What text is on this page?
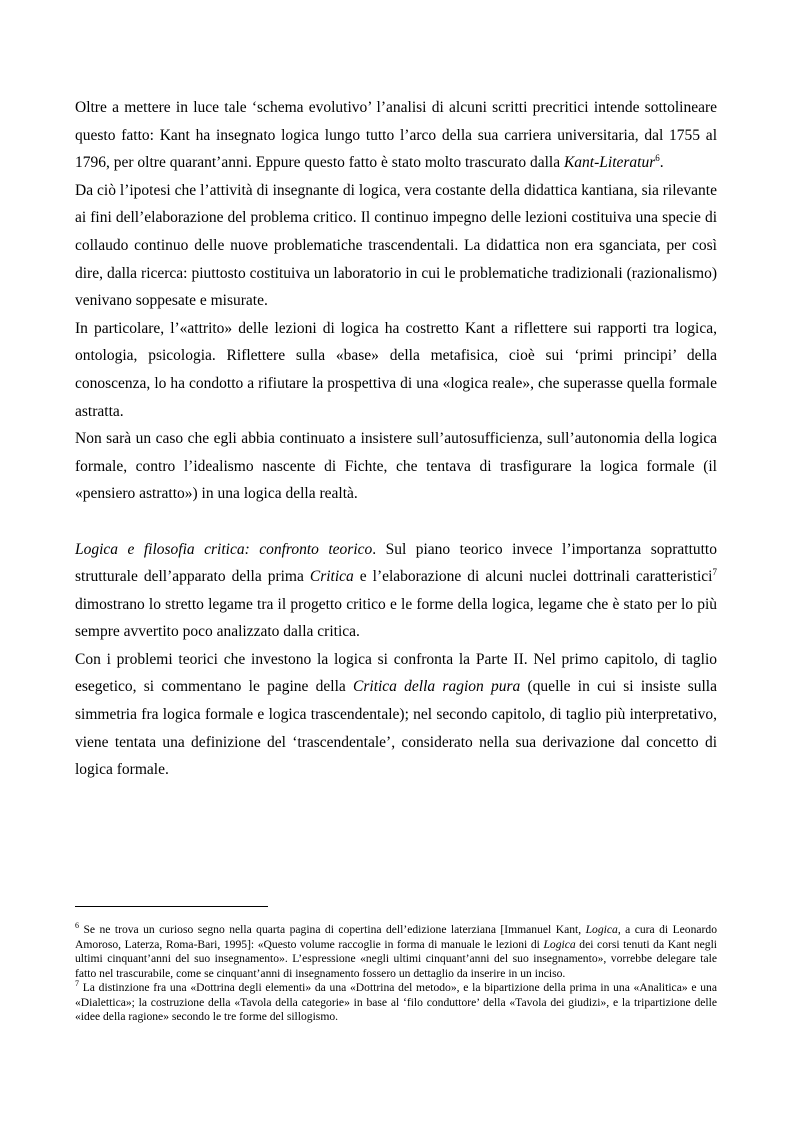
Oltre a mettere in luce tale ‘schema evolutivo’ l’analisi di alcuni scritti precritici intende sottolineare questo fatto: Kant ha insegnato logica lungo tutto l’arco della sua carriera universitaria, dal 1755 al 1796, per oltre quarant’anni. Eppure questo fatto è stato molto trascurato dalla Kant-Literatur$^6$.

Da ciò l’ipotesi che l’attività di insegnante di logica, vera costante della didattica kantiana, sia rilevante ai fini dell’elaborazione del problema critico. Il continuo impegno delle lezioni costituiva una specie di collaudo continuo delle nuove problematiche trascendentali. La didattica non era sganciata, per così dire, dalla ricerca: piuttosto costituiva un laboratorio in cui le problematiche tradizionali (razionalismo) venivano soppesate e misurate.

In particolare, l’«attrito» delle lezioni di logica ha costretto Kant a riflettere sui rapporti tra logica, ontologia, psicologia. Riflettere sulla «base» della metafisica, cioè sui ‘primi principi’ della conoscenza, lo ha condotto a rifiutare la prospettiva di una «logica reale», che superasse quella formale astratta.

Non sarà un caso che egli abbia continuato a insistere sull’autosufficienza, sull’autonomia della logica formale, contro l’idealismo nascente di Fichte, che tentava di trasfigurare la logica formale (il «pensiero astratto») in una logica della realtà.

Logica e filosofia critica: confronto teorico. Sul piano teorico invece l’importanza soprattutto strutturale dell’apparato della prima Critica e l’elaborazione di alcuni nuclei dottrinali caratteristici$^7$ dimostrano lo stretto legame tra il progetto critico e le forme della logica, legame che è stato per lo più sempre avvertito poco analizzato dalla critica.

Con i problemi teorici che investono la logica si confronta la Parte II. Nel primo capitolo, di taglio esegetico, si commentano le pagine della Critica della ragion pura (quelle in cui si insiste sulla simmetria fra logica formale e logica trascendentale); nel secondo capitolo, di taglio più interpretativo, viene tentata una definizione del ‘trascendentale’, considerato nella sua derivazione dal concetto di logica formale.

$^6$ Se ne trova un curioso segno nella quarta pagina di copertina dell’edizione laterziana [Immanuel Kant, Logica, a cura di Leonardo Amoroso, Laterza, Roma-Bari, 1995]: «Questo volume raccoglie in forma di manuale le lezioni di Logica dei corsi tenuti da Kant negli ultimi cinquant’anni del suo insegnamento». L’espressione «negli ultimi cinquant’anni del suo insegnamento», vorrebbe delegare tale fatto nel trascurabile, come se cinquant’anni di insegnamento fossero un dettaglio da inserire in un inciso.

$^7$ La distinzione fra una «Dottrina degli elementi» da una «Dottrina del metodo», e la bipartizione della prima in una «Analitica» e una «Dialettica»; la costruzione della «Tavola della categorie» in base al ‘filo conduttore’ della «Tavola dei giudizi», e la tripartizione delle «idee della ragione» secondo le tre forme del sillogismo.
